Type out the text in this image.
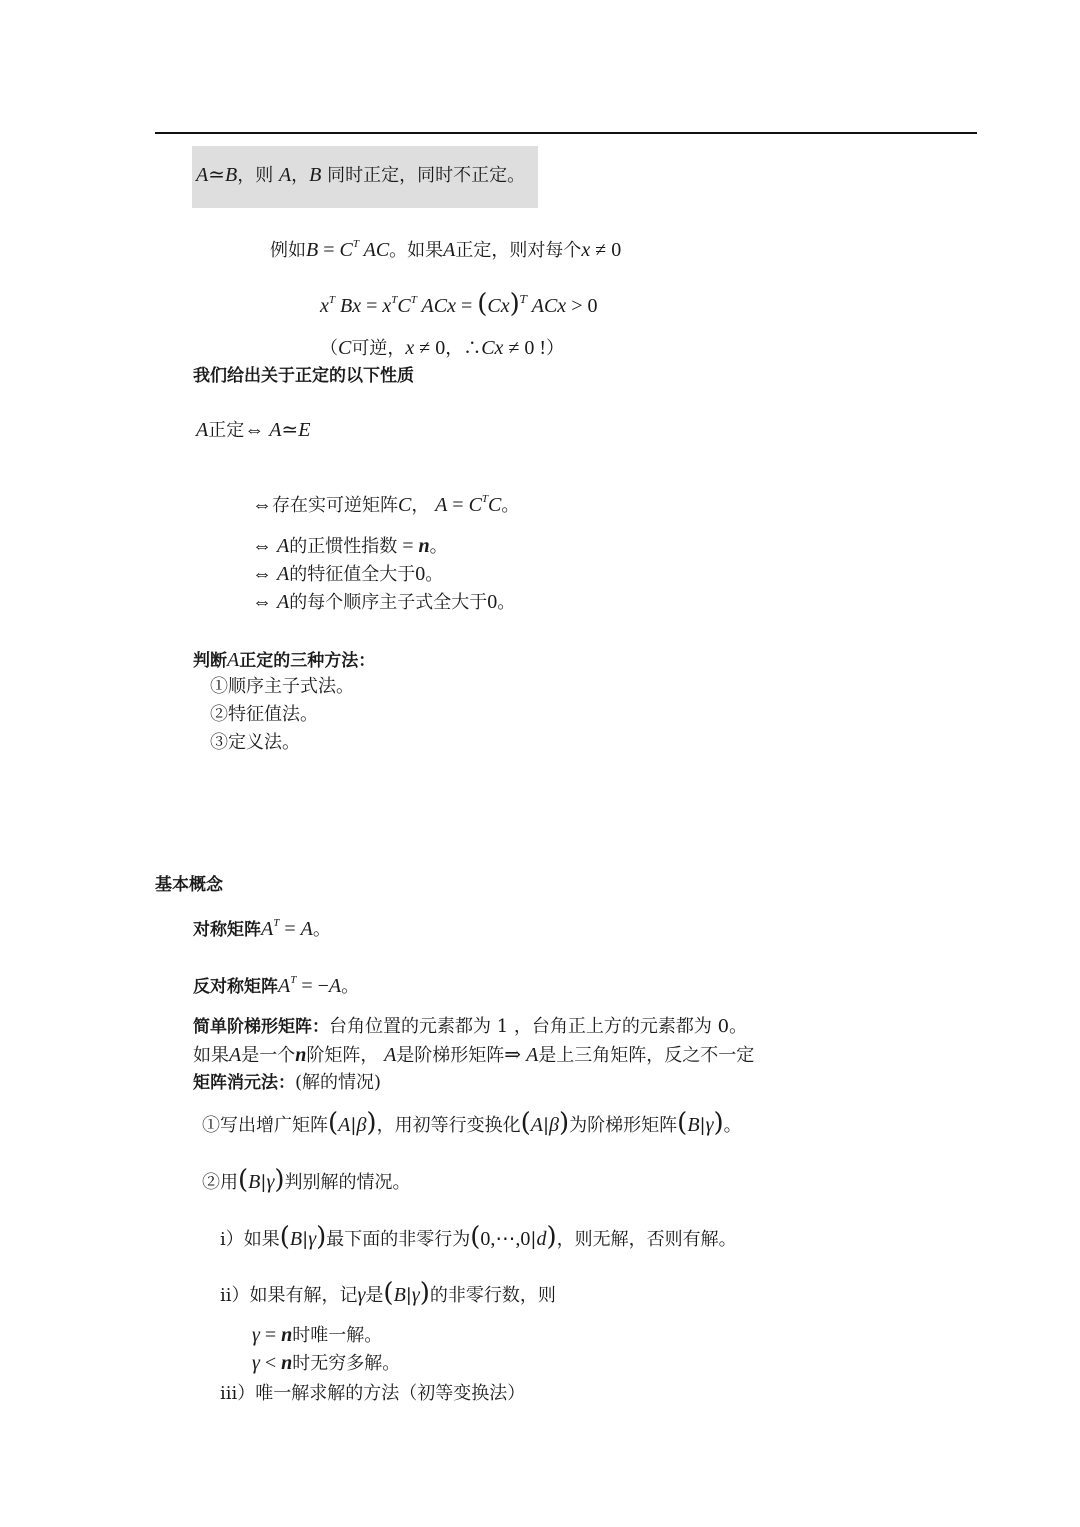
A≃B，则 A，B 同时正定，同时不正定。
例如$B = C^T$ AC。如果A正定，则对每个x ≠ 0
$x^T$ $Bx = x^TC^T$ ACx = $(Cx)^T$ ACx > 0
（C可逆，x ≠ 0，∴Cx ≠ 0 !）
我们给出关于正定的以下性质
A正定⇔ A≃E
⇔存在实可逆矩阵C， $A = C^TC$。
⇔ A的正惯性指数 = n。
⇔ A的特征值全大于0。
⇔ A的每个顺序主子式全大于0。
判断A正定的三种方法：
①顺序主子式法。
②特征值法。
③定义法。
基本概念
对称矩阵$A^T = A$。
反对称矩阵$A^T = -A$。
简单阶梯形矩阵：台角位置的元素都为 1 ，台角正上方的元素都为 0。
如果A是一个n阶矩阵， A是阶梯形矩阵⇒ A是上三角矩阵，反之不一定
矩阵消元法：(解的情况)
①写出增广矩阵(A|β)，用初等行变换化(A|β)为阶梯形矩阵(B|γ)。
②用(B|γ)判别解的情况。
i）如果(B|γ)最下面的非零行为(0,⋯,0|d)，则无解，否则有解。
ii）如果有解，记γ是(B|γ)的非零行数，则
γ = n时唯一解。
γ < n时无穷多解。
iii）唯一解求解的方法（初等变换法）
